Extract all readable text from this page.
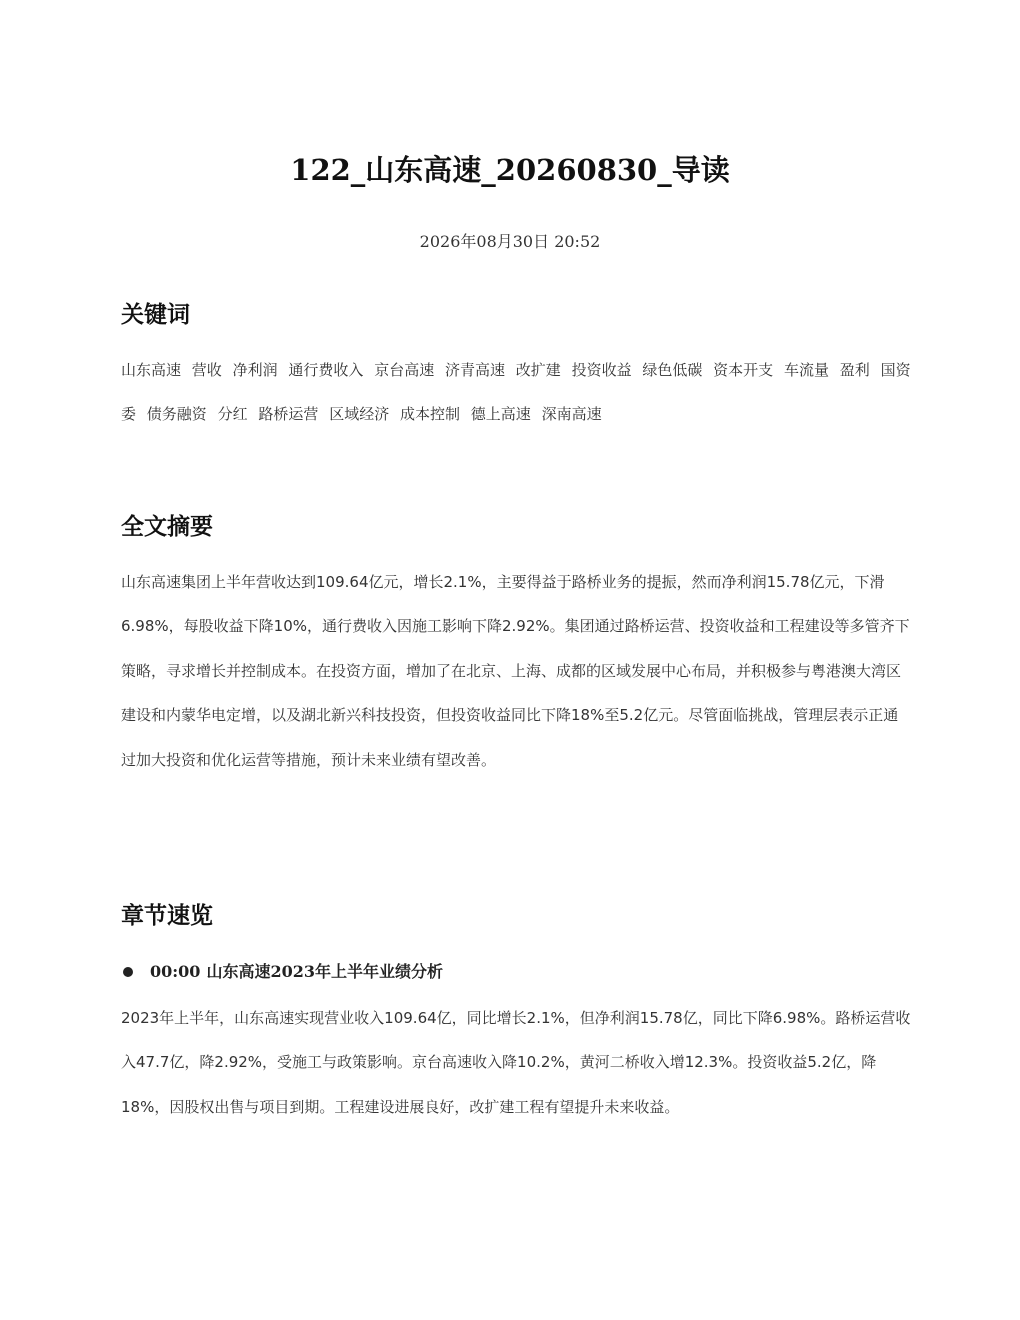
122_山东高速_20260830_导读
2026年08月30日 20:52
关键词
山东高速 营收 净利润 通行费收入 京台高速 济青高速 改扩建 投资收益 绿色低碳 资本开支 车流量 盈利 国资委 债务融资 分红 路桥运营 区域经济 成本控制 德上高速 深南高速
全文摘要

山东高速集团上半年营收达到109.64亿元，增长2.1%，主要得益于路桥业务的提振，然而净利润15.78亿元，下滑6.98%，每股收益下降10%，通行费收入因施工影响下降2.92%。集团通过路桥运营、投资收益和工程建设等多管齐下策略，寻求增长并控制成本。在投资方面，增加了在北京、上海、成都的区域发展中心布局，并积极参与粤港澳大湾区建设和内蒙华电定增，以及湖北新兴科技投资，但投资收益同比下降18%至5.2亿元。尽管面临挑战，管理层表示正通过加大投资和优化运营等措施，预计未来业绩有望改善。

章节速览
00:00 山东高速2023年上半年业绩分析

2023年上半年，山东高速实现营业收入109.64亿，同比增长2.1%，但净利润15.78亿，同比下降6.98%。路桥运营收入47.7亿，降2.92%，受施工与政策影响。京台高速收入降10.2%，黄河二桥收入增12.3%。投资收益5.2亿，降18%，因股权出售与项目到期。工程建设进展良好，改扩建工程有望提升未来收益。
